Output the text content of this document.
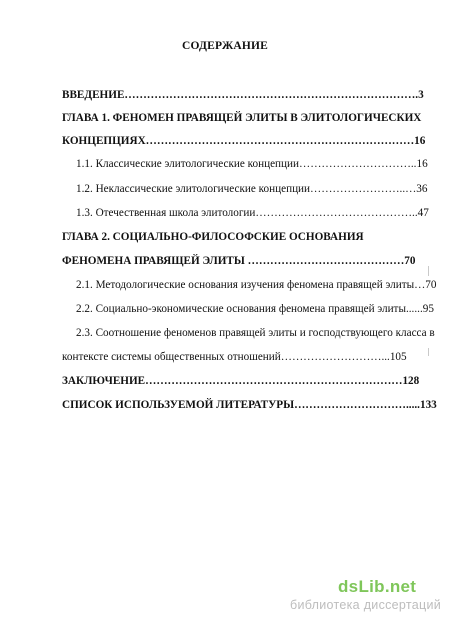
СОДЕРЖАНИЕ
ВВЕДЕНИЕ…………………………………………………………………….3
ГЛАВА 1. ФЕНОМЕН ПРАВЯЩЕЙ ЭЛИТЫ В ЭЛИТОЛОГИЧЕСКИХ
КОНЦЕПЦИЯХ………………………………………………………………16
1.1. Классические элитологические концепции…………………………..16
1.2. Неклассические элитологические концепции……………………..…36
1.3. Отечественная школа элитологии……………………………………..47
ГЛАВА 2. СОЦИАЛЬНО-ФИЛОСОФСКИЕ ОСНОВАНИЯ
ФЕНОМЕНА ПРАВЯЩЕЙ ЭЛИТЫ ……………………………………70
2.1. Методологические основания изучения феномена правящей элиты…70
2.2. Социально-экономические основания феномена правящей элиты......95
2.3. Соотношение феноменов правящей элиты и господствующего класса в
контексте системы общественных отношений………………………...105
ЗАКЛЮЧЕНИЕ……………………………………………………………128
СПИСОК ИСПОЛЬЗУЕМОЙ ЛИТЕРАТУРЫ………………………….....133
dsLib.net
библиотека диссертаций
